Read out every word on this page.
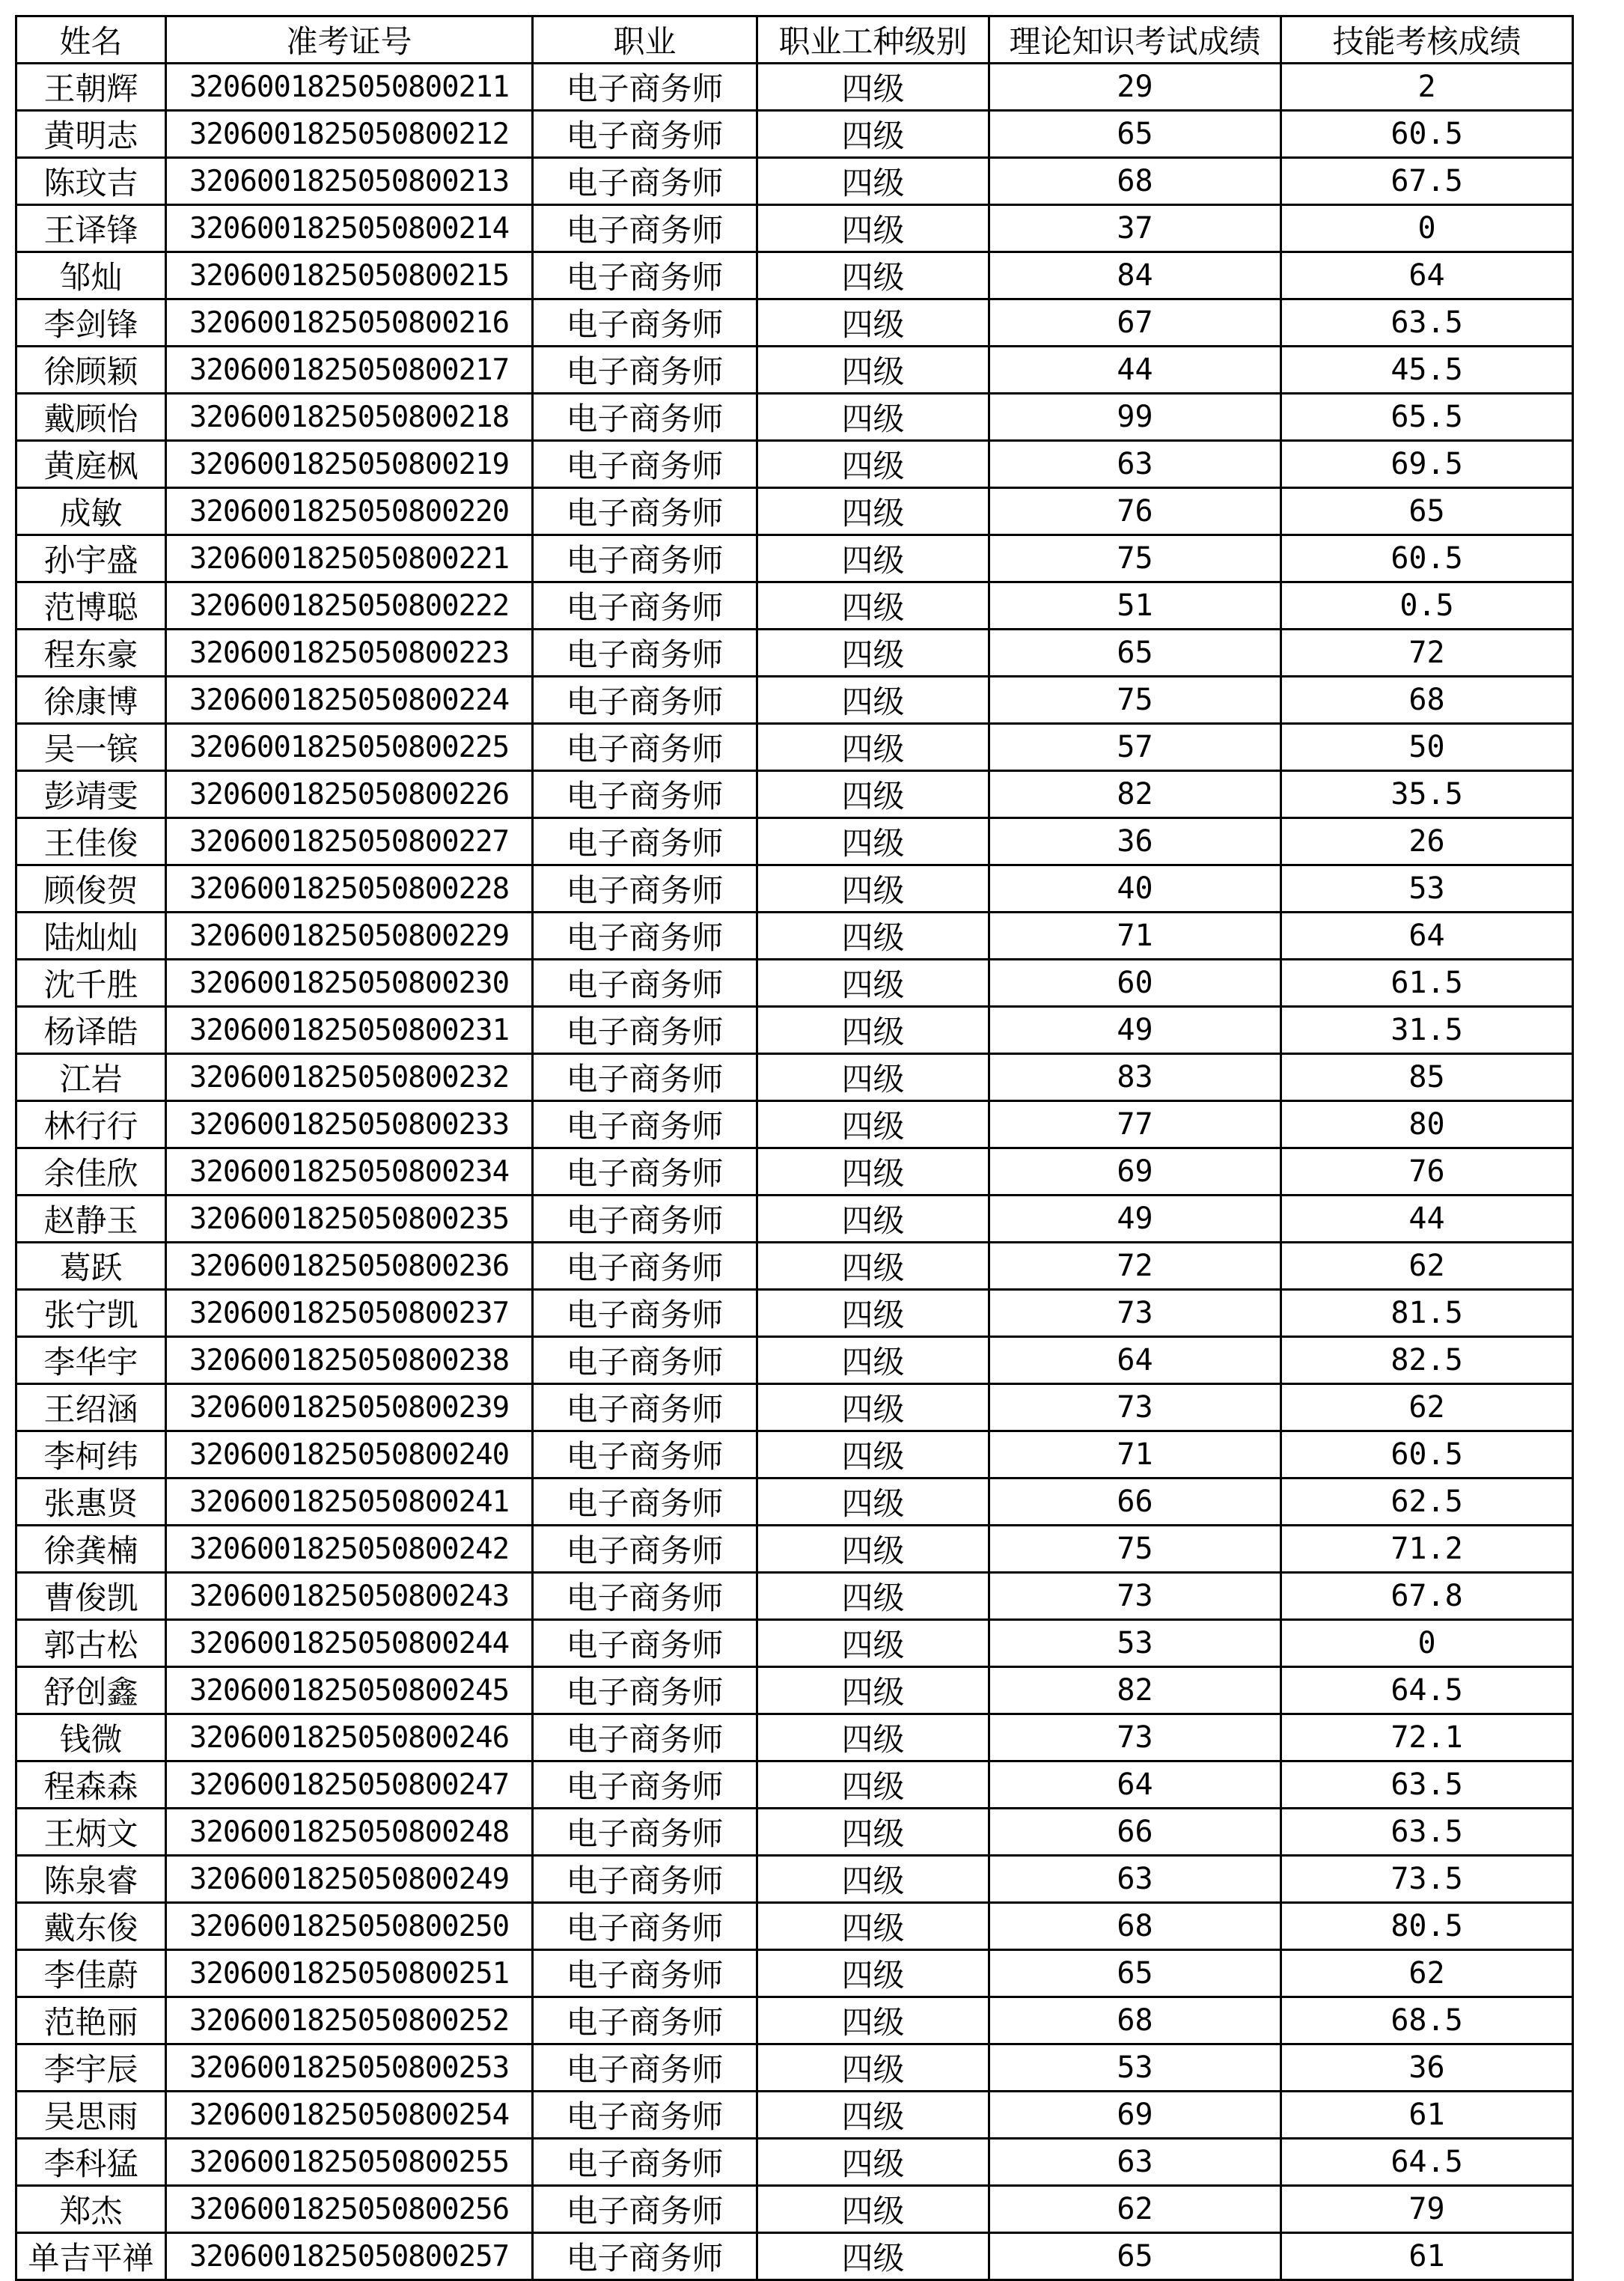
姓名	准考证号	职业	职业工种级别	理论知识考试成绩	技能考核成绩
王朝辉	3206001825050800211	电子商务师	四级	29	2
黄明志	3206001825050800212	电子商务师	四级	65	60.5
陈玟吉	3206001825050800213	电子商务师	四级	68	67.5
王译锋	3206001825050800214	电子商务师	四级	37	0
邹灿	3206001825050800215	电子商务师	四级	84	64
李剑锋	3206001825050800216	电子商务师	四级	67	63.5
徐顾颖	3206001825050800217	电子商务师	四级	44	45.5
戴顾怡	3206001825050800218	电子商务师	四级	99	65.5
黄庭枫	3206001825050800219	电子商务师	四级	63	69.5
成敏	3206001825050800220	电子商务师	四级	76	65
孙宇盛	3206001825050800221	电子商务师	四级	75	60.5
范博聪	3206001825050800222	电子商务师	四级	51	0.5
程东豪	3206001825050800223	电子商务师	四级	65	72
徐康博	3206001825050800224	电子商务师	四级	75	68
吴一镔	3206001825050800225	电子商务师	四级	57	50
彭靖雯	3206001825050800226	电子商务师	四级	82	35.5
王佳俊	3206001825050800227	电子商务师	四级	36	26
顾俊贺	3206001825050800228	电子商务师	四级	40	53
陆灿灿	3206001825050800229	电子商务师	四级	71	64
沈千胜	3206001825050800230	电子商务师	四级	60	61.5
杨译皓	3206001825050800231	电子商务师	四级	49	31.5
江岩	3206001825050800232	电子商务师	四级	83	85
林行行	3206001825050800233	电子商务师	四级	77	80
余佳欣	3206001825050800234	电子商务师	四级	69	76
赵静玉	3206001825050800235	电子商务师	四级	49	44
葛跃	3206001825050800236	电子商务师	四级	72	62
张宁凯	3206001825050800237	电子商务师	四级	73	81.5
李华宇	3206001825050800238	电子商务师	四级	64	82.5
王绍涵	3206001825050800239	电子商务师	四级	73	62
李柯纬	3206001825050800240	电子商务师	四级	71	60.5
张惠贤	3206001825050800241	电子商务师	四级	66	62.5
徐龚楠	3206001825050800242	电子商务师	四级	75	71.2
曹俊凯	3206001825050800243	电子商务师	四级	73	67.8
郭古松	3206001825050800244	电子商务师	四级	53	0
舒创鑫	3206001825050800245	电子商务师	四级	82	64.5
钱微	3206001825050800246	电子商务师	四级	73	72.1
程森森	3206001825050800247	电子商务师	四级	64	63.5
王炳文	3206001825050800248	电子商务师	四级	66	63.5
陈泉睿	3206001825050800249	电子商务师	四级	63	73.5
戴东俊	3206001825050800250	电子商务师	四级	68	80.5
李佳蔚	3206001825050800251	电子商务师	四级	65	62
范艳丽	3206001825050800252	电子商务师	四级	68	68.5
李宇辰	3206001825050800253	电子商务师	四级	53	36
吴思雨	3206001825050800254	电子商务师	四级	69	61
李科猛	3206001825050800255	电子商务师	四级	63	64.5
郑杰	3206001825050800256	电子商务师	四级	62	79
单吉平禅	3206001825050800257	电子商务师	四级	65	61
